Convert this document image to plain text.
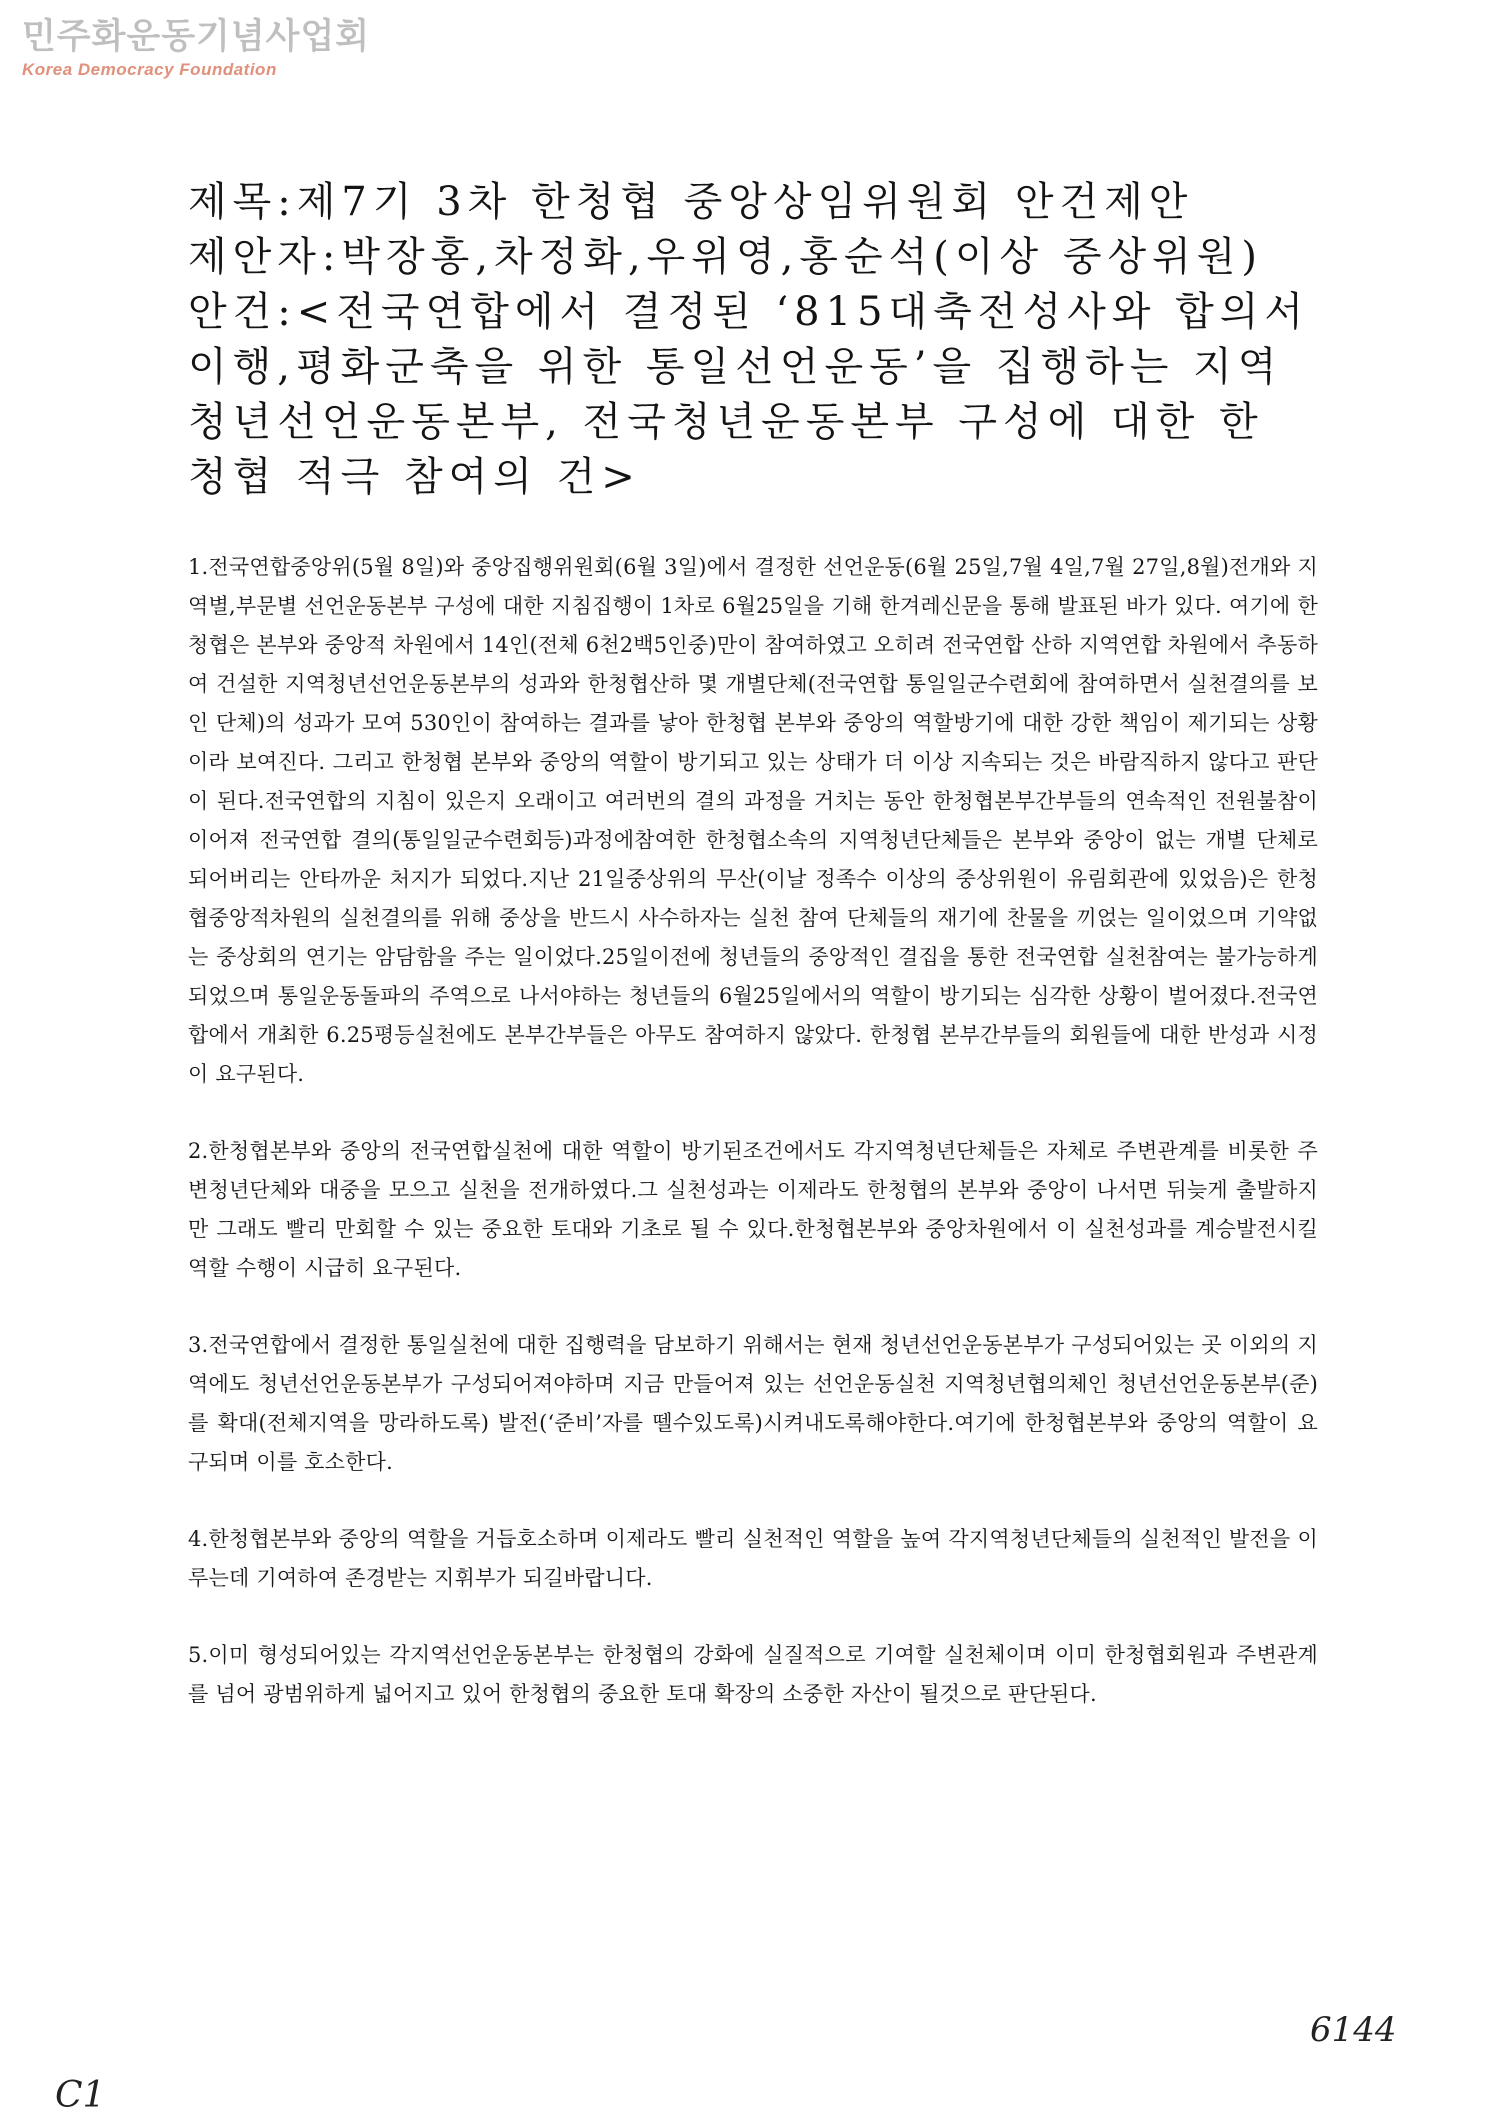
민주화운동기념사업회
Korea Democracy Foundation
제목:제7기 3차 한청협 중앙상임위원회 안건제안
제안자:박장홍,차정화,우위영,홍순석(이상 중상위원)
안건:<전국연합에서 결정된 ‘815대축전성사와 합의서
이행,평화군축을 위한 통일선언운동’을 집행하는 지역
청년선언운동본부, 전국청년운동본부 구성에 대한 한
청협 적극 참여의 건>

1.전국연합중앙위(5월 8일)와 중앙집행위원회(6월 3일)에서 결정한 선언운동(6월 25일,7월 4일,7월 27일,8월)전개와 지역별,부문별 선언운동본부 구성에 대한 지침집행이 1차로 6월25일을 기해 한겨레신문을 통해 발표된 바가 있다. 여기에 한청협은 본부와 중앙적 차원에서 14인(전체 6천2백5인중)만이 참여하였고 오히려 전국연합 산하 지역연합 차원에서 추동하여 건설한 지역청년선언운동본부의 성과와 한청협산하 몇 개별단체(전국연합 통일일군수련회에 참여하면서 실천결의를 보인 단체)의 성과가 모여 530인이 참여하는 결과를 낳아 한청협 본부와 중앙의 역할방기에 대한 강한 책임이 제기되는 상황이라 보여진다. 그리고 한청협 본부와 중앙의 역할이 방기되고 있는 상태가 더 이상 지속되는 것은 바람직하지 않다고 판단이 된다.전국연합의 지침이 있은지 오래이고 여러번의 결의 과정을 거치는 동안 한청협본부간부들의 연속적인 전원불참이 이어져 전국연합 결의(통일일군수련회등)과정에참여한 한청협소속의 지역청년단체들은 본부와 중앙이 없는 개별 단체로 되어버리는 안타까운 처지가 되었다.지난 21일중상위의 무산(이날 정족수 이상의 중상위원이 유림회관에 있었음)은 한청협중앙적차원의 실천결의를 위해 중상을 반드시 사수하자는 실천 참여 단체들의 재기에 찬물을 끼얹는 일이었으며 기약없는 중상회의 연기는 암담함을 주는 일이었다.25일이전에 청년들의 중앙적인 결집을 통한 전국연합 실천참여는 불가능하게 되었으며 통일운동돌파의 주역으로 나서야하는 청년들의 6월25일에서의 역할이 방기되는 심각한 상황이 벌어졌다.전국연합에서 개최한 6.25평등실천에도 본부간부들은 아무도 참여하지 않았다. 한청협 본부간부들의 회원들에 대한 반성과 시정이 요구된다.

2.한청협본부와 중앙의 전국연합실천에 대한 역할이 방기된조건에서도 각지역청년단체들은 자체로 주변관계를 비롯한 주변청년단체와 대중을 모으고 실천을 전개하였다.그 실천성과는 이제라도 한청협의 본부와 중앙이 나서면 뒤늦게 출발하지만 그래도 빨리 만회할 수 있는 중요한 토대와 기초로 될 수 있다.한청협본부와 중앙차원에서 이 실천성과를 계승발전시킬역할 수행이 시급히 요구된다.

3.전국연합에서 결정한 통일실천에 대한 집행력을 담보하기 위해서는 현재 청년선언운동본부가 구성되어있는 곳 이외의 지역에도 청년선언운동본부가 구성되어져야하며 지금 만들어져 있는 선언운동실천 지역청년협의체인 청년선언운동본부(준)를 확대(전체지역을 망라하도록) 발전(‘준비’자를 뗄수있도록)시켜내도록해야한다.여기에 한청협본부와 중앙의 역할이 요구되며 이를 호소한다.

4.한청협본부와 중앙의 역할을 거듭호소하며 이제라도 빨리 실천적인 역할을 높여 각지역청년단체들의 실천적인 발전을 이루는데 기여하여 존경받는 지휘부가 되길바랍니다.

5.이미 형성되어있는 각지역선언운동본부는 한청협의 강화에 실질적으로 기여할 실천체이며 이미 한청협회원과 주변관계를 넘어 광범위하게 넓어지고 있어 한청협의 중요한 토대 확장의 소중한 자산이 될것으로 판단된다.

C1
6144
